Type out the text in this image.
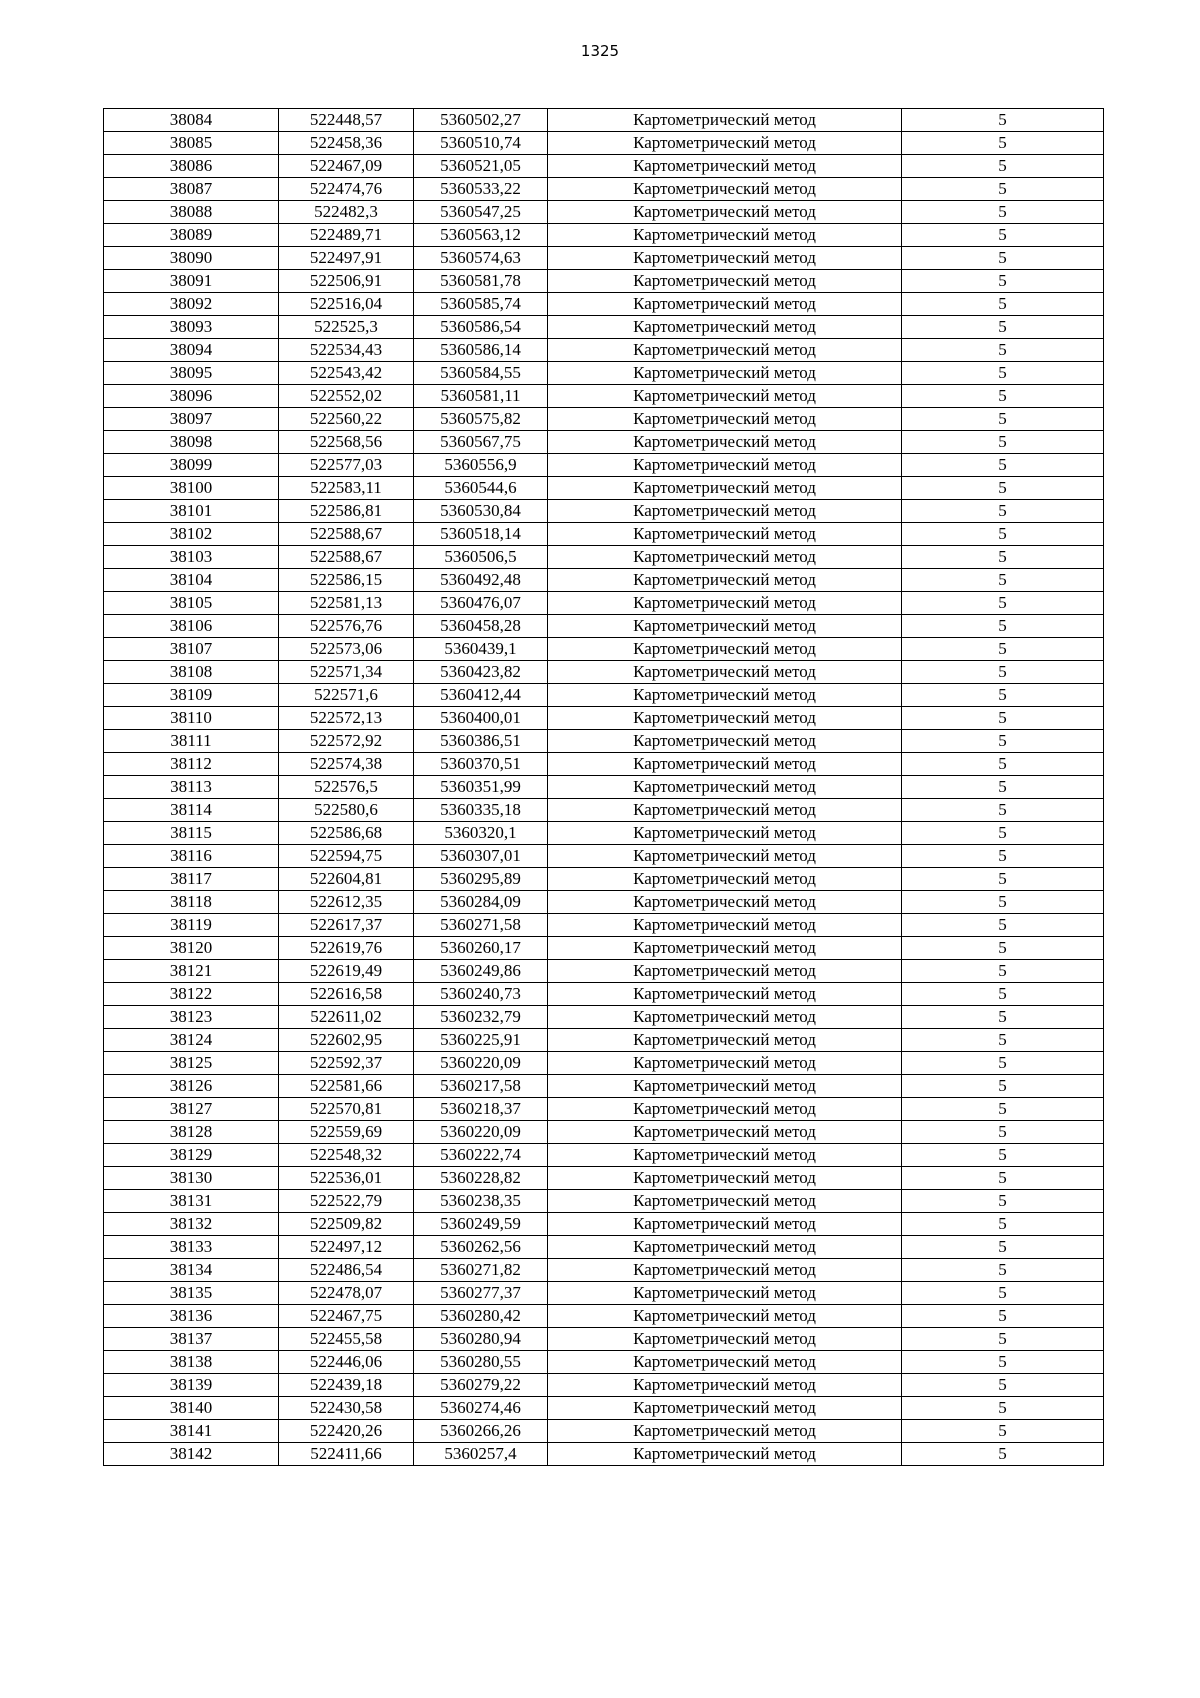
1325
38084	522448,57	5360502,27	Картометрический метод	5
38085	522458,36	5360510,74	Картометрический метод	5
38086	522467,09	5360521,05	Картометрический метод	5
38087	522474,76	5360533,22	Картометрический метод	5
38088	522482,3	5360547,25	Картометрический метод	5
38089	522489,71	5360563,12	Картометрический метод	5
38090	522497,91	5360574,63	Картометрический метод	5
38091	522506,91	5360581,78	Картометрический метод	5
38092	522516,04	5360585,74	Картометрический метод	5
38093	522525,3	5360586,54	Картометрический метод	5
38094	522534,43	5360586,14	Картометрический метод	5
38095	522543,42	5360584,55	Картометрический метод	5
38096	522552,02	5360581,11	Картометрический метод	5
38097	522560,22	5360575,82	Картометрический метод	5
38098	522568,56	5360567,75	Картометрический метод	5
38099	522577,03	5360556,9	Картометрический метод	5
38100	522583,11	5360544,6	Картометрический метод	5
38101	522586,81	5360530,84	Картометрический метод	5
38102	522588,67	5360518,14	Картометрический метод	5
38103	522588,67	5360506,5	Картометрический метод	5
38104	522586,15	5360492,48	Картометрический метод	5
38105	522581,13	5360476,07	Картометрический метод	5
38106	522576,76	5360458,28	Картометрический метод	5
38107	522573,06	5360439,1	Картометрический метод	5
38108	522571,34	5360423,82	Картометрический метод	5
38109	522571,6	5360412,44	Картометрический метод	5
38110	522572,13	5360400,01	Картометрический метод	5
38111	522572,92	5360386,51	Картометрический метод	5
38112	522574,38	5360370,51	Картометрический метод	5
38113	522576,5	5360351,99	Картометрический метод	5
38114	522580,6	5360335,18	Картометрический метод	5
38115	522586,68	5360320,1	Картометрический метод	5
38116	522594,75	5360307,01	Картометрический метод	5
38117	522604,81	5360295,89	Картометрический метод	5
38118	522612,35	5360284,09	Картометрический метод	5
38119	522617,37	5360271,58	Картометрический метод	5
38120	522619,76	5360260,17	Картометрический метод	5
38121	522619,49	5360249,86	Картометрический метод	5
38122	522616,58	5360240,73	Картометрический метод	5
38123	522611,02	5360232,79	Картометрический метод	5
38124	522602,95	5360225,91	Картометрический метод	5
38125	522592,37	5360220,09	Картометрический метод	5
38126	522581,66	5360217,58	Картометрический метод	5
38127	522570,81	5360218,37	Картометрический метод	5
38128	522559,69	5360220,09	Картометрический метод	5
38129	522548,32	5360222,74	Картометрический метод	5
38130	522536,01	5360228,82	Картометрический метод	5
38131	522522,79	5360238,35	Картометрический метод	5
38132	522509,82	5360249,59	Картометрический метод	5
38133	522497,12	5360262,56	Картометрический метод	5
38134	522486,54	5360271,82	Картометрический метод	5
38135	522478,07	5360277,37	Картометрический метод	5
38136	522467,75	5360280,42	Картометрический метод	5
38137	522455,58	5360280,94	Картометрический метод	5
38138	522446,06	5360280,55	Картометрический метод	5
38139	522439,18	5360279,22	Картометрический метод	5
38140	522430,58	5360274,46	Картометрический метод	5
38141	522420,26	5360266,26	Картометрический метод	5
38142	522411,66	5360257,4	Картометрический метод	5
